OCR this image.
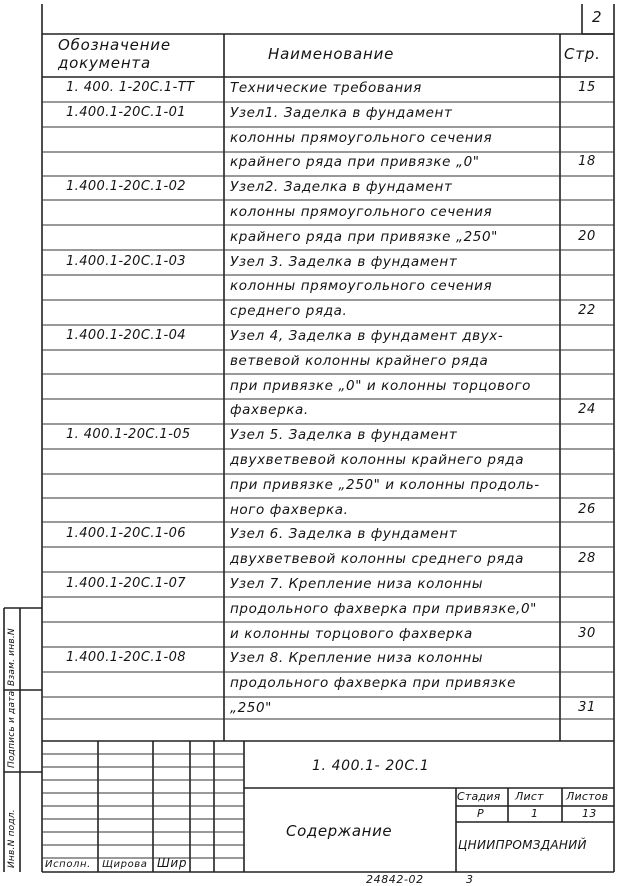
2
Обозначение
документа	Наименование	Стр.
1. 400. 1-20С.1-ТТ	Технические требования	15
1.400.1-20С.1-01	Узел1. Заделка в фундамент
колонны прямоугольного сечения
крайнего ряда при привязке „0"	18
1.400.1-20С.1-02	Узел2. Заделка в фундамент
колонны прямоугольного сечения
крайнего ряда при привязке „250"	20
1.400.1-20С.1-03	Узел 3. Заделка в фундамент
колонны прямоугольного сечения
среднего ряда.	22
1.400.1-20С.1-04	Узел 4, Заделка в фундамент двух-
ветвевой колонны крайнего ряда
при привязке „0" и колонны торцового
фахверка.	24
1. 400.1-20С.1-05	Узел 5. Заделка в фундамент
двухветвевой колонны крайнего ряда
при привязке „250" и колонны продоль-
ного фахверка.	26
1.400.1-20С.1-06	Узел 6. Заделка в фундамент
двухветвевой колонны среднего ряда	28
1.400.1-20С.1-07	Узел 7. Крепление низа колонны
продольного фахверка при привязке,0"
и колонны торцового фахверка	30
1.400.1-20С.1-08	Узел 8. Крепление низа колонны
продольного фахверка при привязке
„250"	31
1. 400.1- 20С.1
Содержание
Стадия Лист Листов
Р	1	13
ЦНИИПРОМЗДАНИЙ
Исполн. Щирова Шир
Инв.N подл.
Подпись и дата
Взам. инв.N
24842-02	3
